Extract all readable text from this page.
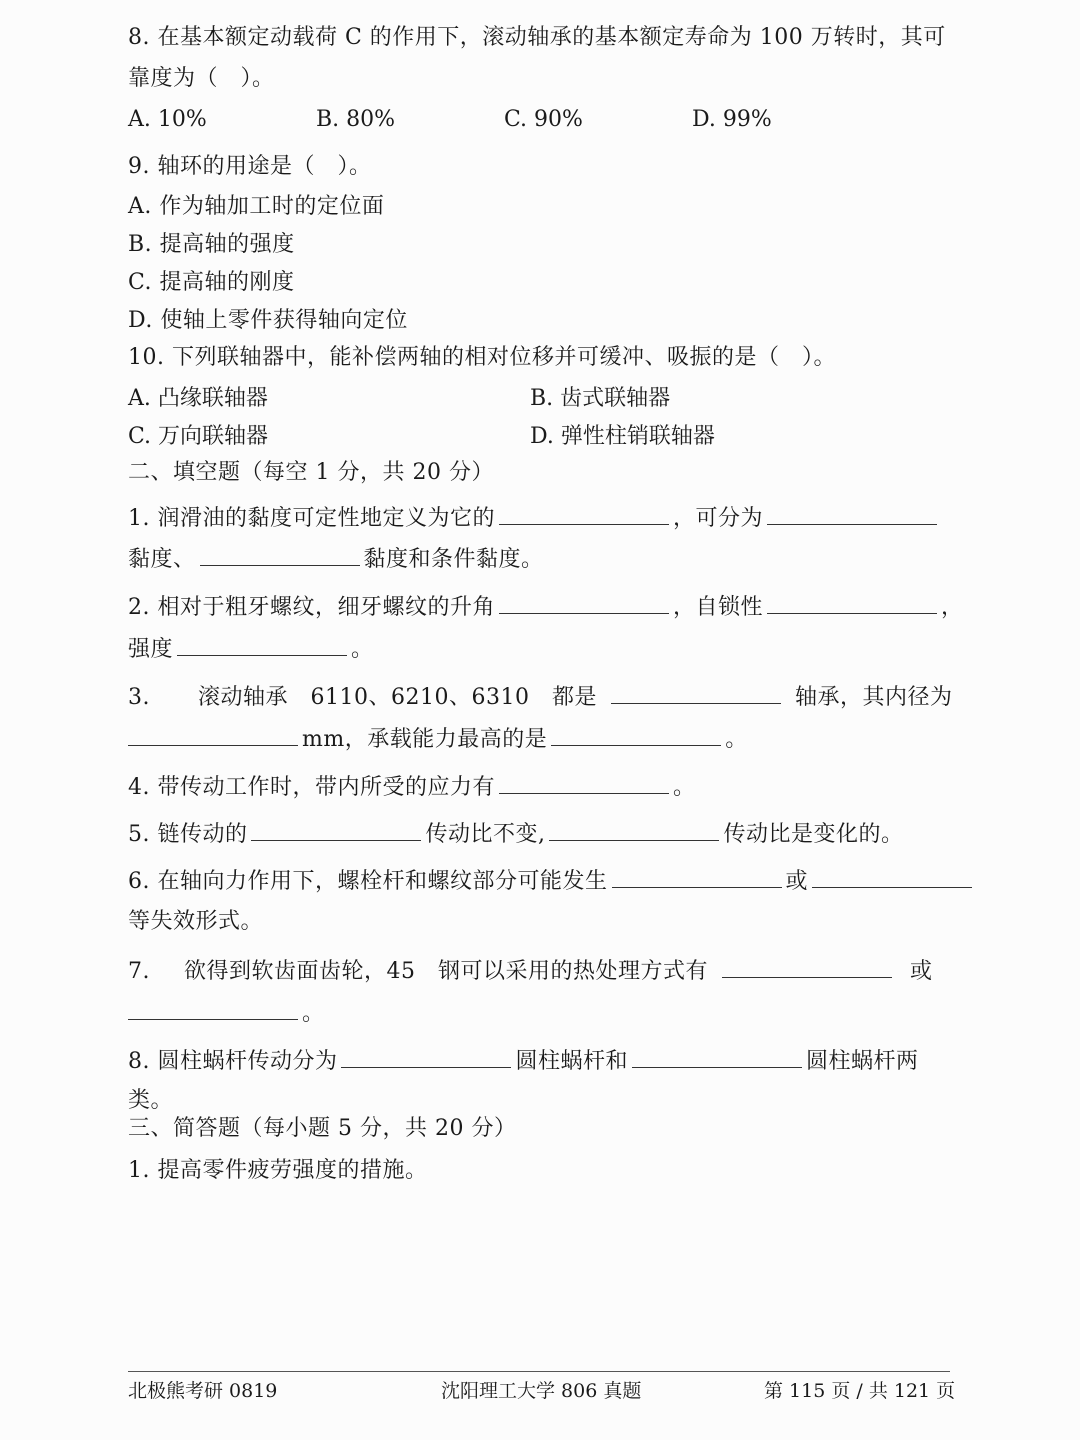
8. 在基本额定动载荷 C 的作用下，滚动轴承的基本额定寿命为 100 万转时，其可
靠度为（　）。
A. 10%	B. 80%	C. 90%	D. 99%
9. 轴环的用途是（　）。
A. 作为轴加工时的定位面
B. 提高轴的强度
C. 提高轴的刚度
D. 使轴上零件获得轴向定位
10. 下列联轴器中，能补偿两轴的相对位移并可缓冲、吸振的是（　）。
A. 凸缘联轴器	B. 齿式联轴器
C. 万向联轴器	D. 弹性柱销联轴器
二、填空题（每空 1 分，共 20 分）
1. 润滑油的黏度可定性地定义为它的	，可分为
黏度、	黏度和条件黏度。
2. 相对于粗牙螺纹，细牙螺纹的升角	，自锁性	，
强度	。
3. 滚动轴承　6110、6210、6310　都是	轴承，其内径为
mm，承载能力最高的是	。
4. 带传动工作时，带内所受的应力有	。
5. 链传动的	传动比不变,	传动比是变化的。
6. 在轴向力作用下，螺栓杆和螺纹部分可能发生	或
等失效形式。
7. 欲得到软齿面齿轮，45　钢可以采用的热处理方式有	或
。
8. 圆柱蜗杆传动分为	圆柱蜗杆和	圆柱蜗杆两
类。
三、简答题（每小题 5 分，共 20 分）
1. 提高零件疲劳强度的措施。
北极熊考研 0819	沈阳理工大学 806 真题	第 115 页 / 共 121 页
